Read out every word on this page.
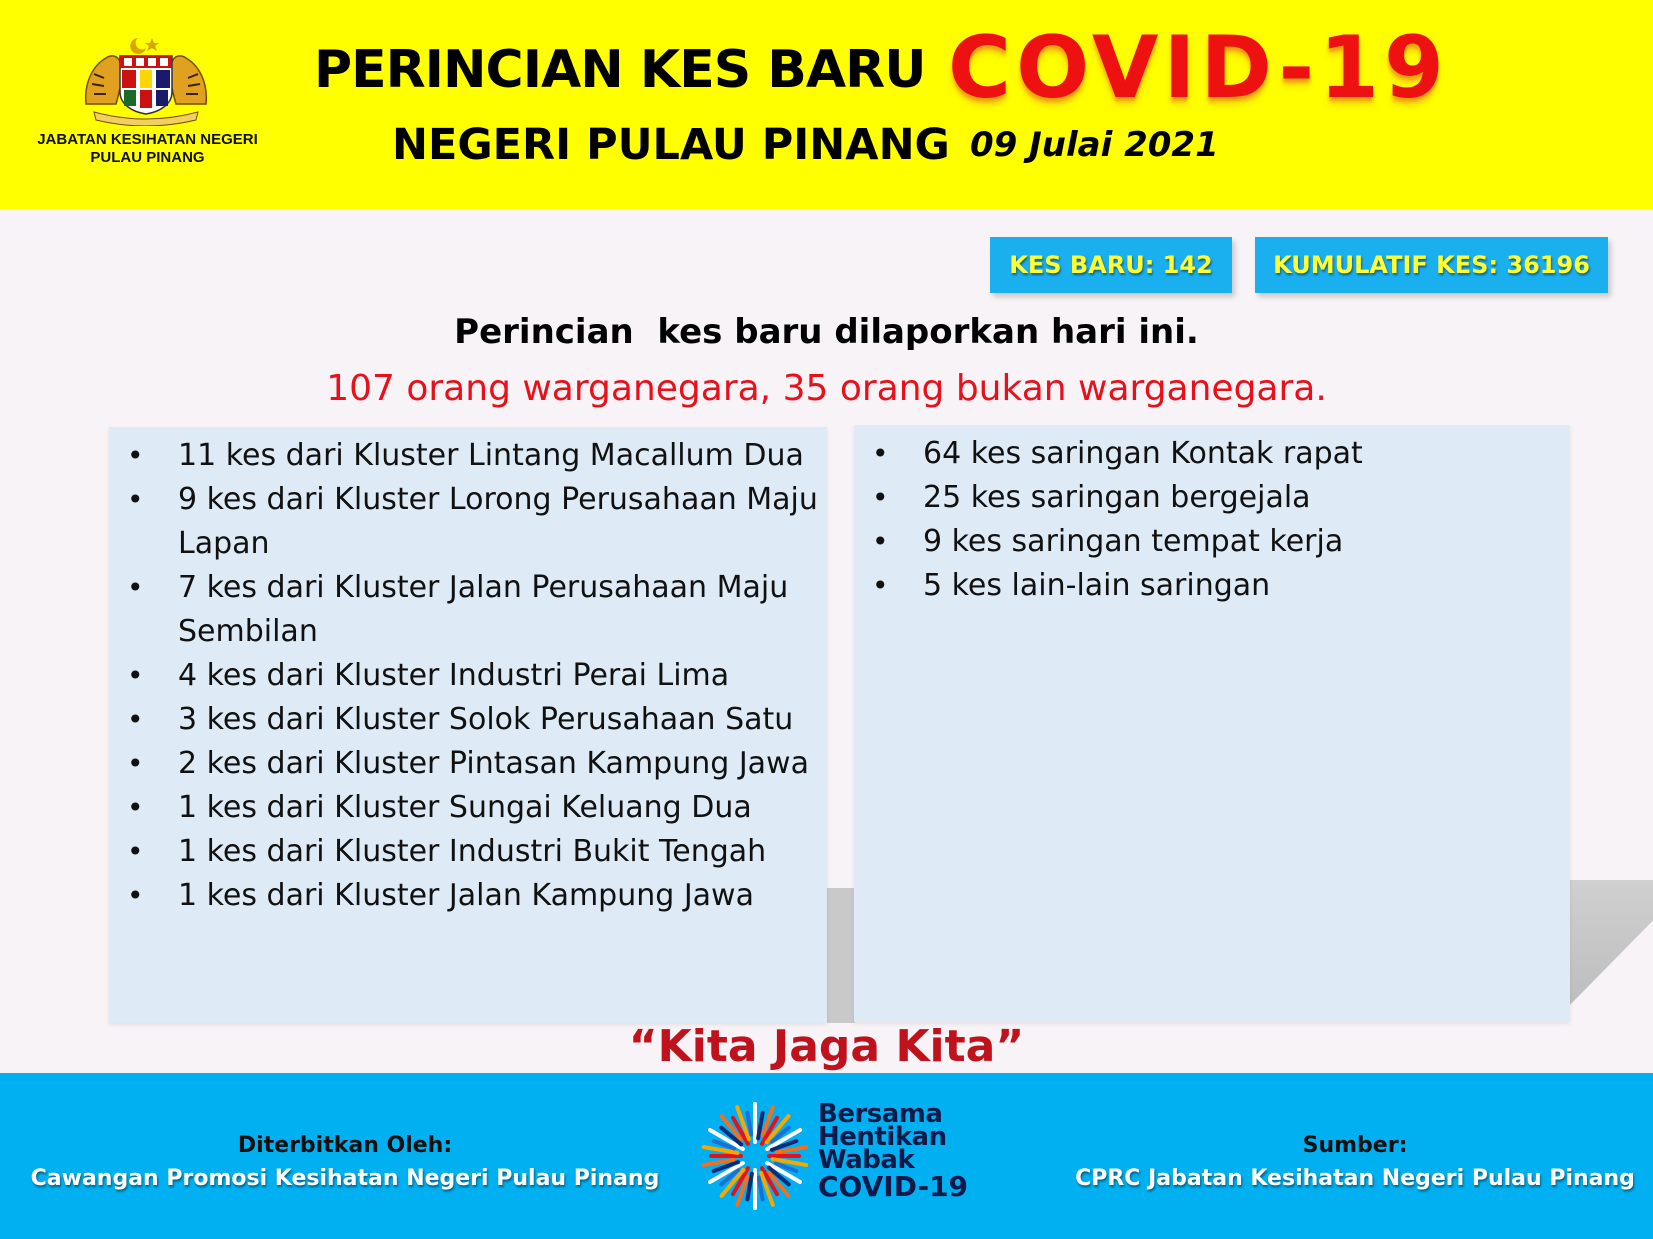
JABATAN KESIHATAN NEGERI
PULAU PINANG
PERINCIAN KES BARU COVID-19
NEGERI PULAU PINANG 09 Julai 2021
KES BARU: 142	KUMULATIF KES: 36196
Perincian  kes baru dilaporkan hari ini.
107 orang warganegara, 35 orang bukan warganegara.
• 11 kes dari Kluster Lintang Macallum Dua
• 9 kes dari Kluster Lorong Perusahaan Maju Lapan
• 7 kes dari Kluster Jalan Perusahaan Maju Sembilan
• 4 kes dari Kluster Industri Perai Lima
• 3 kes dari Kluster Solok Perusahaan Satu
• 2 kes dari Kluster Pintasan Kampung Jawa
• 1 kes dari Kluster Sungai Keluang Dua
• 1 kes dari Kluster Industri Bukit Tengah
• 1 kes dari Kluster Jalan Kampung Jawa
• 64 kes saringan Kontak rapat
• 25 kes saringan bergejala
• 9 kes saringan tempat kerja
• 5 kes lain-lain saringan
“Kita Jaga Kita”
Diterbitkan Oleh:
Cawangan Promosi Kesihatan Negeri Pulau Pinang
Bersama
Hentikan
Wabak
COVID-19
Sumber:
CPRC Jabatan Kesihatan Negeri Pulau Pinang
